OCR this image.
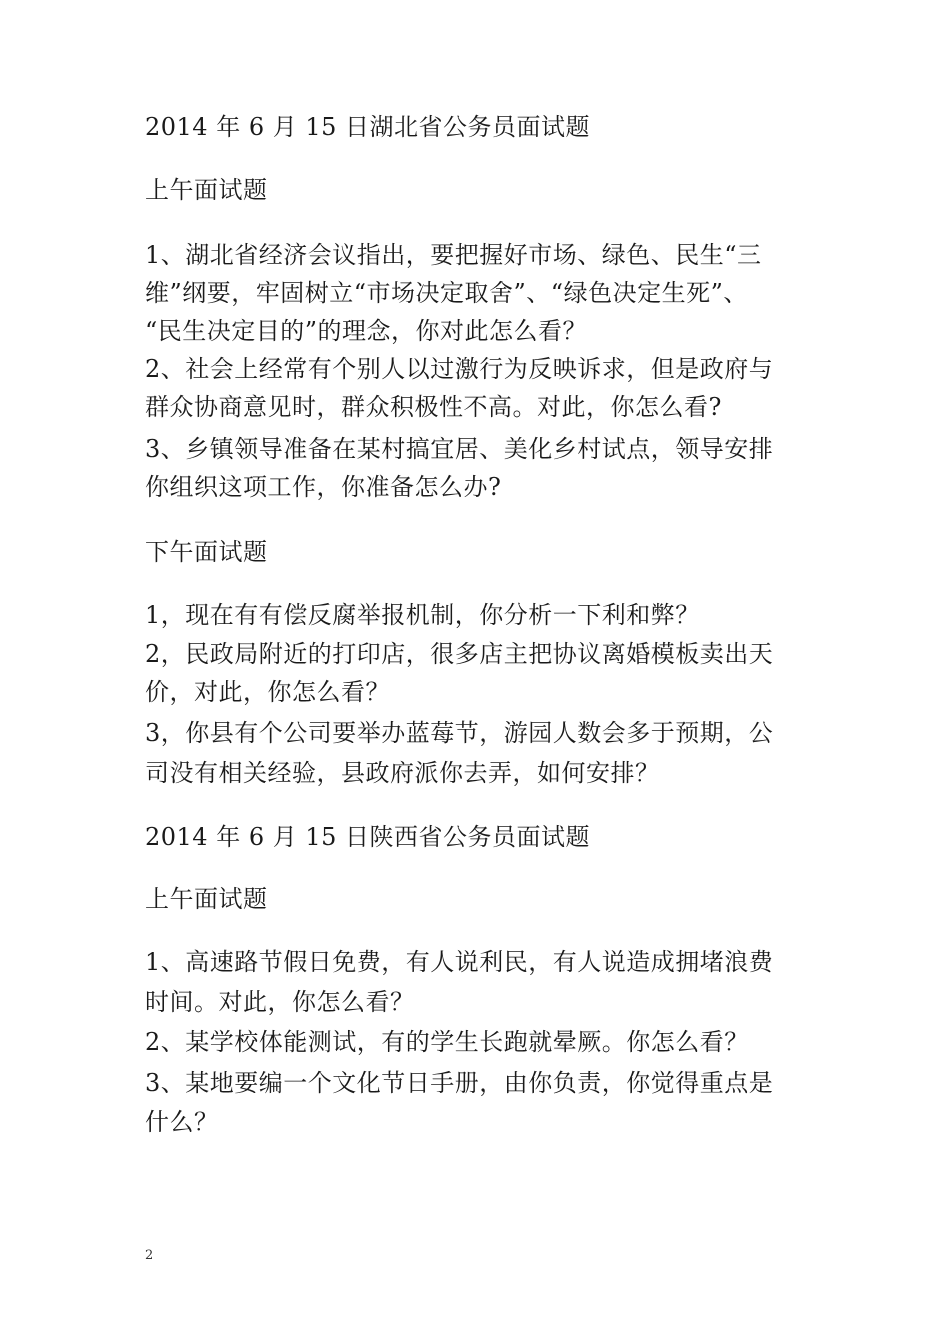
2014 年 6 月 15 日湖北省公务员面试题
上午面试题
1、湖北省经济会议指出，要把握好市场、绿色、民生“三
维”纲要，牢固树立“市场决定取舍”、“绿色决定生死”、
“民生决定目的”的理念，你对此怎么看？
2、社会上经常有个别人以过激行为反映诉求，但是政府与
群众协商意见时，群众积极性不高。对此，你怎么看?
3、乡镇领导准备在某村搞宜居、美化乡村试点，领导安排
你组织这项工作，你准备怎么办?
下午面试题
1，现在有有偿反腐举报机制，你分析一下利和弊？
2，民政局附近的打印店，很多店主把协议离婚模板卖出天
价，对此，你怎么看？
3，你县有个公司要举办蓝莓节，游园人数会多于预期，公
司没有相关经验，县政府派你去弄，如何安排？
2014 年 6 月 15 日陕西省公务员面试题
上午面试题
1、高速路节假日免费，有人说利民，有人说造成拥堵浪费
时间。对此，你怎么看？
2、某学校体能测试，有的学生长跑就晕厥。你怎么看？
3、某地要编一个文化节日手册，由你负责，你觉得重点是
什么？
2
